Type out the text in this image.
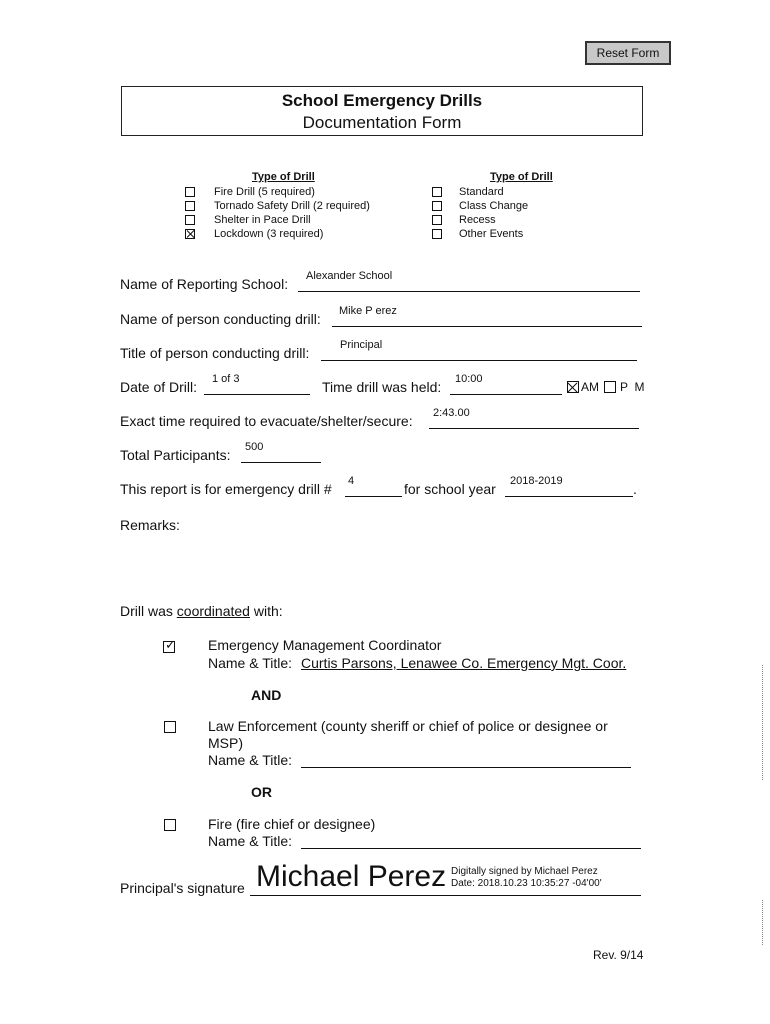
Reset Form
School Emergency Drills
Documentation Form
Type of Drill
Fire Drill (5 required)
Tornado Safety Drill (2 required)
Shelter in Pace Drill
Lockdown (3 required)
Type of Drill
Standard
Class Change
Recess
Other Events
Name of Reporting School: Alexander School
Name of person conducting drill: Mike P erez
Title of person conducting drill:	Principal
Date of Drill: 1 of 3	Time drill was held: 10:00
AM P  M
Exact time required to evacuate/shelter/secure: 2:43.00
Total Participants: 500
This report is for emergency drill # 4	for school year 2018-2019	.
Remarks:
Drill was coordinated with:
✓ Emergency Management Coordinator
Name & Title: Curtis Parsons, Lenawee Co. Emergency Mgt. Coor.
AND
Law Enforcement (county sheriff or chief of police or designee or
MSP)
Name & Title:
OR
Fire (fire chief or designee)
Name & Title:
Principal's signature Michael Perez Digitally signed by Michael Perez
Date: 2018.10.23 10:35:27 -04'00'
Rev. 9/14
